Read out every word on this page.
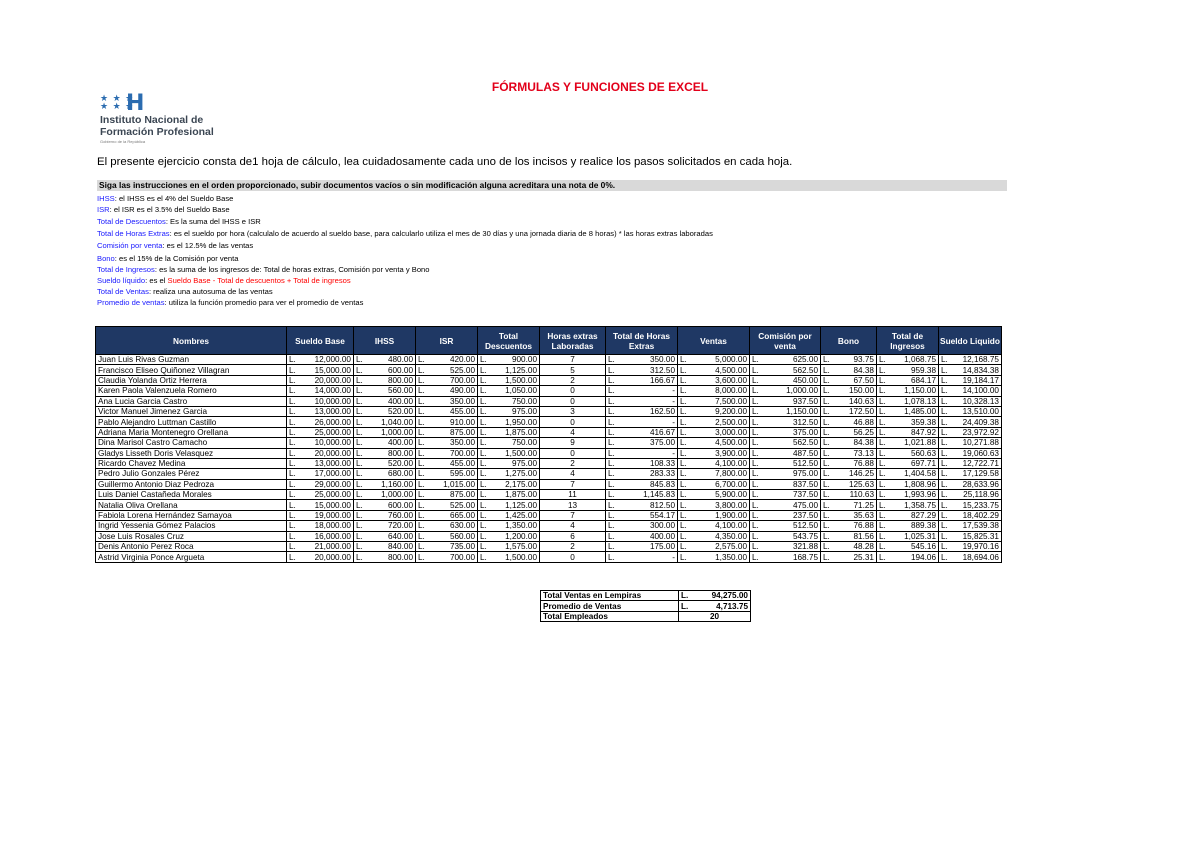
FÓRMULAS Y FUNCIONES DE EXCEL
★ ★ ★
★ ★ ★
H
Instituto Nacional de
Formación Profesional
Gobierno de la República
El presente ejercicio consta de1 hoja de cálculo, lea cuidadosamente cada uno de los incisos y realice los pasos solicitados en cada hoja.
Siga las instrucciones en el orden proporcionado, subir documentos vacíos o sin modificación alguna acreditara una nota de 0%.
IHSS: el IHSS es el 4% del Sueldo Base
ISR: el ISR es el 3.5% del Sueldo Base
Total de Descuentos: Es la suma del IHSS e ISR
Total de Horas Extras: es el sueldo por hora (calculalo de acuerdo al sueldo base, para calcularlo utiliza el mes de 30 días y una jornada diaria de 8 horas) * las horas extras laboradas
Comisión por venta: es el 12.5% de las ventas
Bono: es el 15% de la Comisión por venta
Total de Ingresos: es la suma de los ingresos de: Total de horas extras, Comisión por venta y Bono
Sueldo líquido: es el Sueldo Base - Total de descuentos + Total de ingresos
Total de Ventas: realiza una autosuma de las ventas
Promedio de ventas: utiliza la función promedio para ver el promedio de ventas
Nombres	Sueldo Base	IHSS	ISR	Total Descuentos	Horas extras Laboradas	Total de Horas Extras	Ventas	Comisión por venta	Bono	Total de Ingresos	Sueldo Liquido
Juan Luis Rivas Guzman	L. 12,000.00	L. 480.00	L. 420.00	L. 900.00	7	L. 350.00	L. 5,000.00	L. 625.00	L. 93.75	L. 1,068.75	L. 12,168.75
Francisco Eliseo Quiñonez Villagran	L. 15,000.00	L. 600.00	L. 525.00	L. 1,125.00	5	L. 312.50	L. 4,500.00	L. 562.50	L. 84.38	L. 959.38	L. 14,834.38
Claudia Yolanda Ortiz Herrera	L. 20,000.00	L. 800.00	L. 700.00	L. 1,500.00	2	L. 166.67	L. 3,600.00	L. 450.00	L. 67.50	L. 684.17	L. 19,184.17
Karen Paola Valenzuela Romero	L. 14,000.00	L. 560.00	L. 490.00	L. 1,050.00	0	L. -	L. 8,000.00	L. 1,000.00	L. 150.00	L. 1,150.00	L. 14,100.00
Ana Lucia Garcia Castro	L. 10,000.00	L. 400.00	L. 350.00	L. 750.00	0	L. -	L. 7,500.00	L. 937.50	L. 140.63	L. 1,078.13	L. 10,328.13
Victor Manuel Jimenez Garcia	L. 13,000.00	L. 520.00	L. 455.00	L. 975.00	3	L. 162.50	L. 9,200.00	L. 1,150.00	L. 172.50	L. 1,485.00	L. 13,510.00
Pablo Alejandro Luttman Castillo	L. 26,000.00	L. 1,040.00	L. 910.00	L. 1,950.00	0	L. -	L. 2,500.00	L. 312.50	L. 46.88	L. 359.38	L. 24,409.38
Adriana Maria Montenegro Orellana	L. 25,000.00	L. 1,000.00	L. 875.00	L. 1,875.00	4	L. 416.67	L. 3,000.00	L. 375.00	L. 56.25	L. 847.92	L. 23,972.92
Dina Marisol Castro Camacho	L. 10,000.00	L. 400.00	L. 350.00	L. 750.00	9	L. 375.00	L. 4,500.00	L. 562.50	L. 84.38	L. 1,021.88	L. 10,271.88
Gladys Lisseth Doris Velasquez	L. 20,000.00	L. 800.00	L. 700.00	L. 1,500.00	0	L. -	L. 3,900.00	L. 487.50	L. 73.13	L. 560.63	L. 19,060.63
Ricardo Chavez Medina	L. 13,000.00	L. 520.00	L. 455.00	L. 975.00	2	L. 108.33	L. 4,100.00	L. 512.50	L. 76.88	L. 697.71	L. 12,722.71
Pedro Julio Gonzales Pérez	L. 17,000.00	L. 680.00	L. 595.00	L. 1,275.00	4	L. 283.33	L. 7,800.00	L. 975.00	L. 146.25	L. 1,404.58	L. 17,129.58
Guillermo Antonio Diaz Pedroza	L. 29,000.00	L. 1,160.00	L. 1,015.00	L. 2,175.00	7	L. 845.83	L. 6,700.00	L. 837.50	L. 125.63	L. 1,808.96	L. 28,633.96
Luis Daniel Castañeda Morales	L. 25,000.00	L. 1,000.00	L. 875.00	L. 1,875.00	11	L. 1,145.83	L. 5,900.00	L. 737.50	L. 110.63	L. 1,993.96	L. 25,118.96
Natalia Oliva Orellana	L. 15,000.00	L. 600.00	L. 525.00	L. 1,125.00	13	L. 812.50	L. 3,800.00	L. 475.00	L. 71.25	L. 1,358.75	L. 15,233.75
Fabiola Lorena Hernández Samayoa	L. 19,000.00	L. 760.00	L. 665.00	L. 1,425.00	7	L. 554.17	L. 1,900.00	L. 237.50	L. 35.63	L. 827.29	L. 18,402.29
Ingrid Yessenia Gómez Palacios	L. 18,000.00	L. 720.00	L. 630.00	L. 1,350.00	4	L. 300.00	L. 4,100.00	L. 512.50	L. 76.88	L. 889.38	L. 17,539.38
Jose Luis Rosales Cruz	L. 16,000.00	L. 640.00	L. 560.00	L. 1,200.00	6	L. 400.00	L. 4,350.00	L. 543.75	L. 81.56	L. 1,025.31	L. 15,825.31
Denis Antonio Perez Roca	L. 21,000.00	L. 840.00	L. 735.00	L. 1,575.00	2	L. 175.00	L. 2,575.00	L. 321.88	L. 48.28	L. 545.16	L. 19,970.16
Astrid Virginia Ponce Argueta	L. 20,000.00	L. 800.00	L. 700.00	L. 1,500.00	0	L. -	L. 1,350.00	L. 168.75	L. 25.31	L. 194.06	L. 18,694.06
Total Ventas en Lempiras	L. 94,275.00
Promedio de Ventas	L. 4,713.75
Total Empleados	20
